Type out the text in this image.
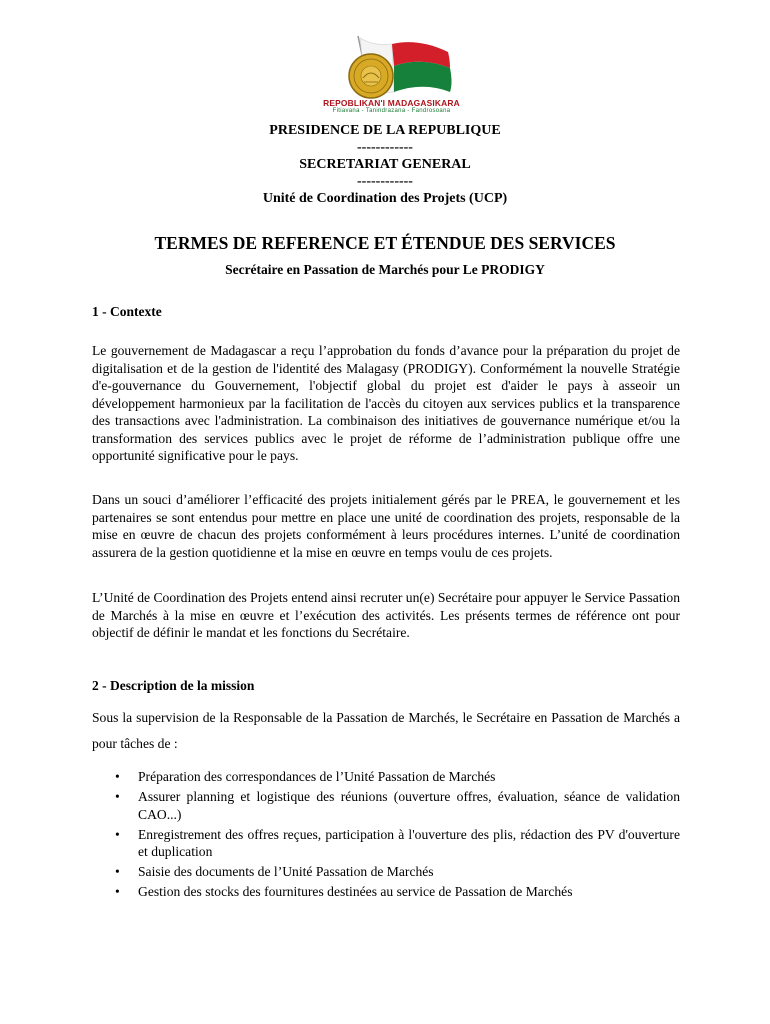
REPOBLIKAN'I MADAGASIKARA
Fitiavana - Tanindrazana - Fandrosoana
PRESIDENCE DE LA REPUBLIQUE
------------
SECRETARIAT GENERAL
------------
Unité de Coordination des Projets (UCP)
TERMES DE REFERENCE ET ÉTENDUE DES SERVICES
Secrétaire en Passation de Marchés pour Le PRODIGY
1 - Contexte

Le gouvernement de Madagascar a reçu l’approbation du fonds d’avance pour la préparation du projet de digitalisation et de la gestion de l'identité des Malagasy (PRODIGY). Conformément la nouvelle Stratégie d'e-gouvernance du Gouvernement, l'objectif global du projet est d'aider le pays à asseoir un développement harmonieux par la facilitation de l'accès du citoyen aux services publics et la transparence des transactions avec l'administration. La combinaison des initiatives de gouvernance numérique et/ou la transformation des services publics avec le projet de réforme de l’administration publique offre une opportunité significative pour le pays.

Dans un souci d’améliorer l’efficacité des projets initialement gérés par le PREA, le gouvernement et les partenaires se sont entendus pour mettre en place une unité de coordination des projets, responsable de la mise en œuvre de chacun des projets conformément à leurs procédures internes. L’unité de coordination assurera de la gestion quotidienne et la mise en œuvre en temps voulu de ces projets.

L’Unité de Coordination des Projets entend ainsi recruter un(e) Secrétaire pour appuyer le Service Passation de Marchés à la mise en œuvre et l’exécution des activités. Les présents termes de référence ont pour objectif de définir le mandat et les fonctions du Secrétaire.

2 - Description de la mission

Sous la supervision de la Responsable de la Passation de Marchés, le Secrétaire en Passation de Marchés a pour tâches de :

• Préparation des correspondances de l’Unité Passation de Marchés
• Assurer planning et logistique des réunions (ouverture offres, évaluation, séance de validation CAO...)
• Enregistrement des offres reçues, participation à l'ouverture des plis, rédaction des PV d'ouverture et duplication
• Saisie des documents de l’Unité Passation de Marchés
• Gestion des stocks des fournitures destinées au service de Passation de Marchés
